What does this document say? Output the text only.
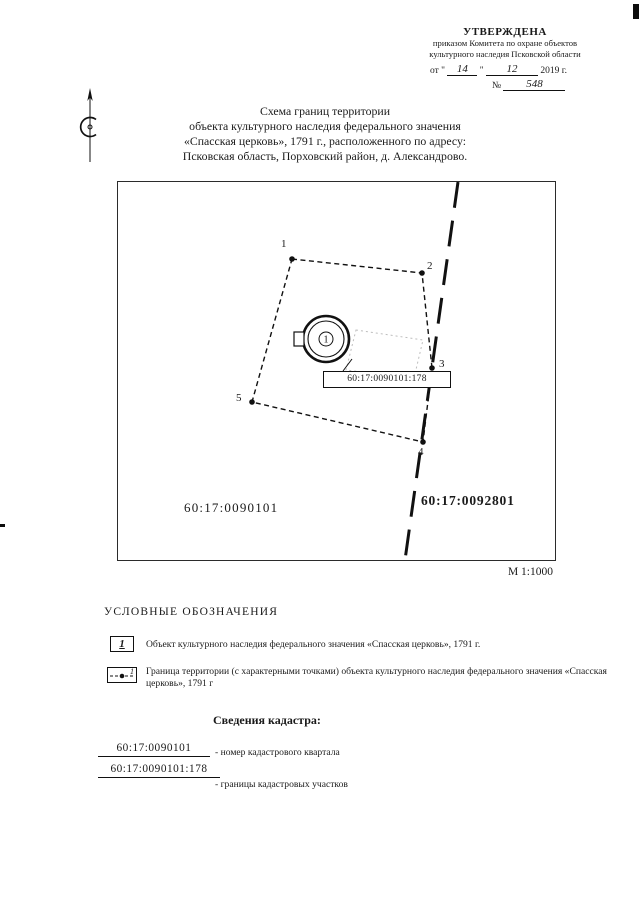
УТВЕРЖДЕНА
приказом Комитета по охране объектов
культурного наследия Псковской области
от " 14 " 12 2019 г.
№ 548
Схема границ территории
объекта культурного наследия федерального значения
«Спасская церковь», 1791 г., расположенного по адресу:
Псковская область, Порховский район, д. Александрово.
1
1
2
3
4
5
60:17:0090101:178
60:17:0090101	60:17:0092801
М 1:1000
УСЛОВНЫЕ ОБОЗНАЧЕНИЯ
1 Объект культурного наследия федерального значения «Спасская церковь», 1791 г.
1 Граница территории (с характерными точками) объекта культурного наследия федерального значения «Спасская церковь», 1791 г
Сведения кадастра:
60:17:0090101	- номер кадастрового квартала
60:17:0090101:178
- границы кадастровых участков
